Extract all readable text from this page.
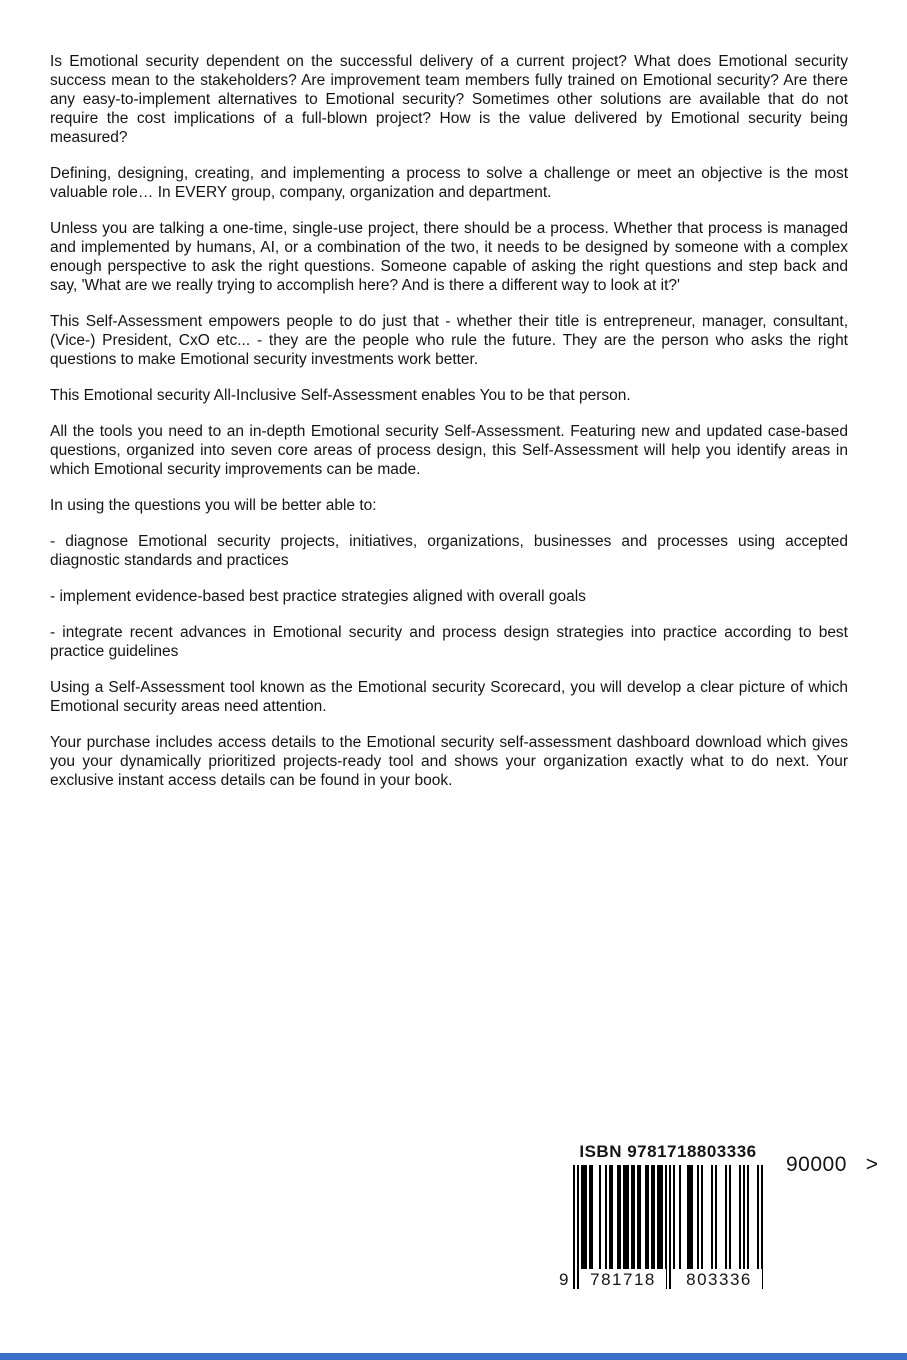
Is Emotional security dependent on the successful delivery of a current project? What does Emotional security success mean to the stakeholders? Are improvement team members fully trained on Emotional security? Are there any easy-to-implement alternatives to Emotional security? Sometimes other solutions are available that do not require the cost implications of a full-blown project? How is the value delivered by Emotional security being measured?

Defining, designing, creating, and implementing a process to solve a challenge or meet an objective is the most valuable role… In EVERY group, company, organization and department.

Unless you are talking a one-time, single-use project, there should be a process. Whether that process is managed and implemented by humans, AI, or a combination of the two, it needs to be designed by someone with a complex enough perspective to ask the right questions. Someone capable of asking the right questions and step back and say, 'What are we really trying to accomplish here? And is there a different way to look at it?'

This Self-Assessment empowers people to do just that - whether their title is entrepreneur, manager, consultant, (Vice-) President, CxO etc... - they are the people who rule the future. They are the person who asks the right questions to make Emotional security investments work better.

This Emotional security All-Inclusive Self-Assessment enables You to be that person.

All the tools you need to an in-depth Emotional security Self-Assessment. Featuring new and updated case-based questions, organized into seven core areas of process design, this Self-Assessment will help you identify areas in which Emotional security improvements can be made.

In using the questions you will be better able to:

- diagnose Emotional security projects, initiatives, organizations, businesses and processes using accepted diagnostic standards and practices

- implement evidence-based best practice strategies aligned with overall goals

- integrate recent advances in Emotional security and process design strategies into practice according to best practice guidelines

Using a Self-Assessment tool known as the Emotional security Scorecard, you will develop a clear picture of which Emotional security areas need attention.

Your purchase includes access details to the Emotional security self-assessment dashboard download which gives you your dynamically prioritized projects-ready tool and shows your organization exactly what to do next. Your exclusive instant access details can be found in your book.

ISBN 9781718803336
9	781718	803336
90000 >
